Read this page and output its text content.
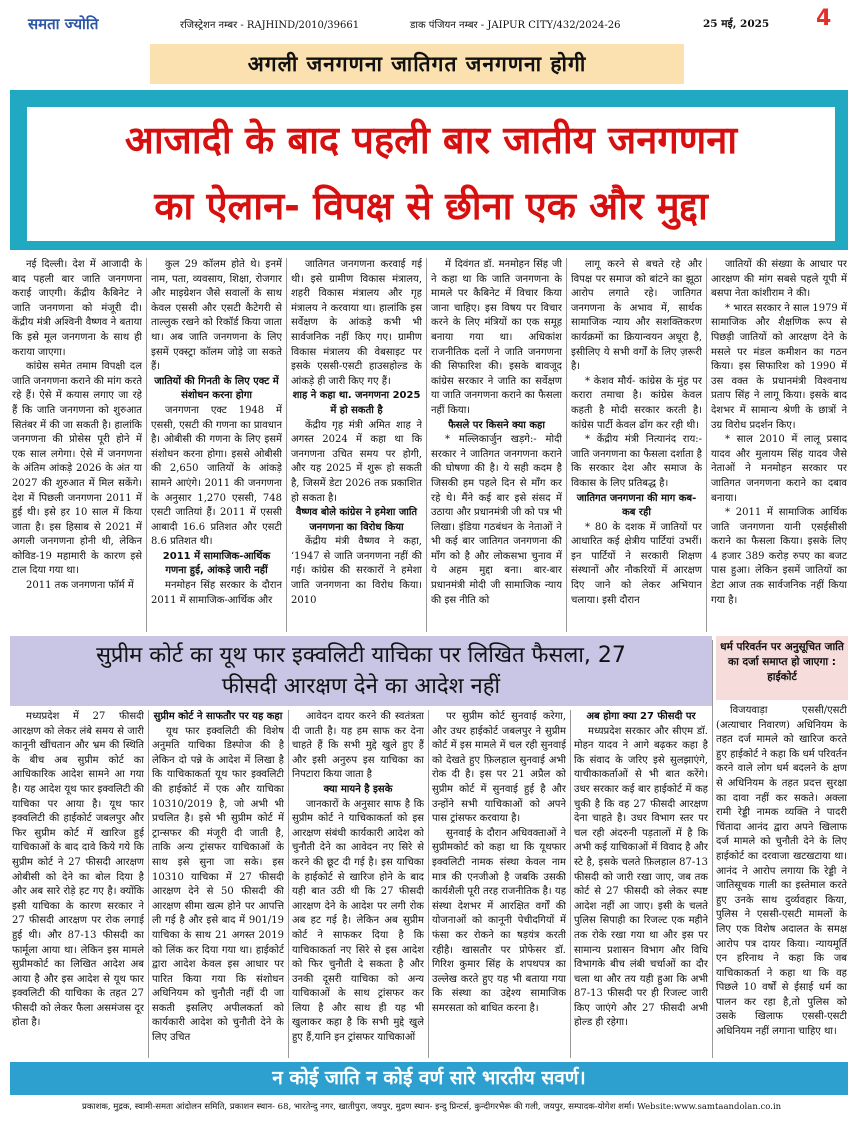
समता ज्योति	रजिस्ट्रेशन नम्बर - RAJHIND/2010/39661	डाक पंजियन नम्बर - JAIPUR CITY/432/2024-26	25 मई, 2025 4
अगली जनगणना जातिगत जनगणना होगी
आजादी के बाद पहली बार जातीय जनगणना
का ऐलान- विपक्ष से छीना एक और मुद्दा

नई दिल्ली। देश में आजादी के बाद पहली बार जाति जनगणना कराई जाएगी। केंद्रीय कैबिनेट ने जाति जनगणना को मंजूरी दी। केंद्रीय मंत्री अश्विनी वैष्णव ने बताया कि इसे मूल जनगणना के साथ ही कराया जाएगा।

कांग्रेस समेत तमाम विपक्षी दल जाति जनगणना कराने की मांग करते रहे हैं। ऐसे में कयास लगाए जा रहे हैं कि जाति जनगणना को शुरुआत सितंबर में की जा सकती है। हालांकि जनगणना की प्रोसेस पूरी होने में एक साल लगेगा। ऐसे में जनगणना के अंतिम आंकड़े 2026 के अंत या 2027 की शुरुआत में मिल सकेंगे। देश में पिछली जनगणना 2011 में हुई थी। इसे हर 10 साल में किया जाता है। इस हिसाब से 2021 में अगली जनगणना होनी थी, लेकिन कोविड-19 महामारी के कारण इसे टाल दिया गया था।

2011 तक जनगणना फॉर्म में

कुल 29 कॉलम होते थे। इनमें नाम, पता, व्यवसाय, शिक्षा, रोजगार और माइग्रेशन जैसे सवालों के साथ केवल एससी और एसटी कैटेगरी से ताल्लुक रखने को रिकॉर्ड किया जाता था। अब जाति जनगणना के लिए इसमें एक्स्ट्रा कॉलम जोड़े जा सकते हैं।

जातियों की गिनती के लिए एक्ट में संशोधन करना होगा

जनगणना एक्ट 1948 में एससी, एसटी की गणना का प्रावधान है। ओबीसी की गणना के लिए इसमें संशोधन करना होगा। इससे ओबीसी की 2,650 जातियों के आंकड़े सामने आएंगे। 2011 की जनगणना के अनुसार 1,270 एससी, 748 एसटी जातियां हैं। 2011 में एससी आबादी 16.6 प्रतिशत और एसटी 8.6 प्रतिशत थी।

2011 में सामाजिक-आर्थिक गणना हुई, आंकड़े जारी नहीं

मनमोहन सिंह सरकार के दौरान 2011 में सामाजिक-आर्थिक और

जातिगत जनगणना करवाई गई थी। इसे ग्रामीण विकास मंत्रालय, शहरी विकास मंत्रालय और गृह मंत्रालय ने करवाया था। हालांकि इस सर्वेक्षण के आंकड़े कभी भी सार्वजनिक नहीं किए गए। ग्रामीण विकास मंत्रालय की वेबसाइट पर इसके एससी-एसटी हाउसहोल्ड के आंकड़े ही जारी किए गए हैं।

शाह ने कहा था. जनगणना 2025 में हो सकती है

केंद्रीय गृह मंत्री अमित शाह ने अगस्त 2024 में कहा था कि जनगणना उचित समय पर होगी, और यह 2025 में शुरू हो सकती है, जिसमें डेटा 2026 तक प्रकाशित हो सकता है।

वैष्णव बोले कांग्रेस ने हमेशा जाति जनगणना का विरोध किया

केंद्रीय मंत्री वैष्णव ने कहा, ‘1947 से जाति जनगणना नहीं की गई। कांग्रेस की सरकारों ने हमेशा जाति जनगणना का विरोध किया। 2010

में दिवंगत डॉ. मनमोहन सिंह जी ने कहा था कि जाति जनगणना के मामले पर कैबिनेट में विचार किया जाना चाहिए। इस विषय पर विचार करने के लिए मंत्रियों का एक समूह बनाया गया था। अधिकांश राजनीतिक दलों ने जाति जनगणना की सिफारिश की। इसके बावजूद कांग्रेस सरकार ने जाति का सर्वेक्षण या जाति जनगणना कराने का फैसला नहीं किया।

फैसले पर किसने क्या कहा

* मल्लिकार्जुन खड़गे:- मोदी सरकार ने जातिगत जनगणना कराने की घोषणा की है। ये सही कदम है जिसकी हम पहले दिन से माँग कर रहे थे। मैंने कई बार इसे संसद में उठाया और प्रधानमंत्री जी को पत्र भी लिखा। इंडिया गठबंधन के नेताओं ने भी कई बार जातिगत जनगणना की माँग को है और लोकसभा चुनाव में ये अहम मुद्दा बना। बार-बार प्रधानमंत्री मोदी जी सामाजिक न्याय की इस नीति को

लागू करने से बचते रहे और विपक्ष पर समाज को बांटने का झूठा आरोप लगाते रहे। जातिगत जनगणना के अभाव में, सार्थक सामाजिक न्याय और सशक्तिकरण कार्यक्रमों का क्रियान्वयन अधूरा है, इसीलिए ये सभी वर्गों के लिए ज़रूरी है।

* केशव मौर्य- कांग्रेस के मुंह पर करारा तमाचा है। कांग्रेस केवल कहती है मोदी सरकार करती है। कांग्रेस पार्टी केवल ढोंग कर रही थी।

* केंद्रीय मंत्री नित्यानंद राय:- जाति जनगणना का फैसला दर्शाता है कि सरकार देश और समाज के विकास के लिए प्रतिबद्ध है।

जातिगत जनगणना की माग कब-कब रही

* 80 के दशक में जातियों पर आधारित कई क्षेत्रीय पार्टियां उभरीं। इन पार्टियों ने सरकारी शिक्षण संस्थानों और नौकरियों में आरक्षण दिए जाने को लेकर अभियान चलाया। इसी दौरान

जातियों की संख्या के आधार पर आरक्षण की मांग सबसे पहले यूपी में बसपा नेता कांशीराम ने की।

* भारत सरकार ने साल 1979 में सामाजिक और शैक्षणिक रूप से पिछड़ी जातियों को आरक्षण देने के मसले पर मंडल कमीशन का गठन किया। इस सिफारिश को 1990 में उस वक्त के प्रधानमंत्री विश्वनाथ प्रताप सिंह ने लागू किया। इसके बाद देशभर में सामान्य श्रेणी के छात्रों ने उग्र विरोध प्रदर्शन किए।

* साल 2010 में लालू प्रसाद यादव और मुलायम सिंह यादव जैसे नेताओं ने मनमोहन सरकार पर जातिगत जनगणना कराने का दबाव बनाया।

* 2011 में सामाजिक आर्थिक जाति जनगणना यानी एसईसीसी कराने का फैसला किया। इसके लिए 4 हजार 389 करोड़ रुपए का बजट पास हुआ। लेकिन इसमें जातियों का डेटा आज तक सार्वजनिक नहीं किया गया है।

सुप्रीम कोर्ट का यूथ फार इक्वलिटी याचिका पर लिखित फैसला, 27
फीसदी आरक्षण देने का आदेश नहीं
धर्म परिवर्तन पर अनुसूचित जाति का दर्जा समाप्त हो जाएगा : हाईकोर्ट

मध्यप्रदेश में 27 फीसदी आरक्षण को लेकर लंबे समय से जारी कानूनी खींचतान और भ्रम की स्थिति के बीच अब सुप्रीम कोर्ट का आधिकारिक आदेश सामने आ गया है। यह आदेश यूथ फार इक्वलिटी की याचिका पर आया है। यूथ फार इक्वलिटी की हाईकोर्ट जबलपुर और फिर सुप्रीम कोर्ट में खारिज हुई याचिकाओं के बाद दावे किये गये कि सुप्रीम कोर्ट ने 27 फीसदी आरक्षण ओबीसी को देने का बोल दिया है और अब सारे रोड़े हट गए है। क्योंकि इसी याचिका के कारण सरकार ने 27 फीसदी आरक्षण पर रोक लगाई हुई थी। और 87-13 फीसदी का फार्मूला आया था। लेकिन इस मामले सुप्रीमकोर्ट का लिखित आदेश अब आया है और इस आदेश से यूथ फार इक्वलिटी की याचिका के तहत 27 फीसदी को लेकर फैला असमंजस दूर होता है।

सुप्रीम कोर्ट ने साफतौर पर यह कहा

यूथ फार इक्वलिटी की विशेष अनुमति याचिका डिस्पोज की है लेकिन दो पन्ने के आदेश में लिखा है कि याचिकाकर्ता यूथ फार इक्वलिटी की हाईकोर्ट में एक और याचिका 10310/2019 है, जो अभी भी प्रचलित है। इसे भी सुप्रीम कोर्ट में ट्रान्सफर की मंजूरी दी जाती है, ताकि अन्य ट्रांसफर याचिकाओं के साथ इसे सुना जा सके। इस 10310 याचिका में 27 फीसदी आरक्षण देने से 50 फीसदी की आरक्षण सीमा खत्म होने पर आपत्ति ली गई है और इसे बाद में 901/19 याचिका के साथ 21 अगस्त 2019 को लिंक कर दिया गया था। हाईकोर्ट द्वारा आदेश केवल इस आधार पर पारित किया गया कि संशोधन अधिनियम को चुनौती नहीं दी जा सकती इसलिए अपीलकर्ता को कार्यकारी आदेश को चुनौती देने के लिए उचित

आवेदन दायर करने की स्वतंत्रता दी जाती है। यह हम साफ कर देना चाहते हैं कि सभी मुद्दे खुले हुए हैं और इसी अनुरुप इस याचिका का निपटारा किया जाता है

क्या मायने है इसके

जानकारों के अनुसार साफ है कि सुप्रीम कोर्ट ने याचिकाकर्ता को इस आरक्षण संबंधी कार्यकारी आदेश को चुनौती देने का आवेदन नए सिरे से करने की छूट दी गई है। इस याचिका के हाईकोर्ट से खारिज होने के बाद यही बात उठी थी कि 27 फीसदी आरक्षण देने के आदेश पर लगी रोक अब हट गई है। लेकिन अब सुप्रीम कोर्ट ने साफकर दिया है कि याचिकाकर्ता नए सिरे से इस आदेश को फिर चुनौती दे सकता है और उनकी दूसरी याचिका को अन्य याचिकाओं के साथ ट्रांसफर कर लिया है और साथ ही यह भी खुलाकर कहा है कि सभी मुद्दे खुले हुए हैं,यानि इन ट्रांसफर याचिकाओं

पर सुप्रीम कोर्ट सुनवाई करेगा, और उधर हाईकोर्ट जबलपुर ने सुप्रीम कोर्ट में इस मामले में चल रही सुनवाई को देखते हुए फ़िलहाल सुनवाई अभी रोक दी है। इस पर 21 अप्रैल को सुप्रीम कोर्ट में सुनवाई हुई है और उन्होंने सभी याचिकाओं को अपने पास ट्रांसफर करवाया है।

सुनवाई के दौरान अधिवक्ताओं ने सुप्रीमकोर्ट को कहा था कि यूथफार इक्वलिटी नामक संस्था केवल नाम मात्र की एनजीओ है जबकि उसकी कार्यशैली पूरी तरह राजनीतिक है। यह संस्था देशभर में आरक्षित वर्गों की योजनाओं को कानूनी पेचीदगियों में फंसा कर रोकने का षड़यंत्र करती रहीहै। खासतौर पर प्रोफेसर डॉ. गिरिश कुमार सिंह के शपथपत्र का उल्लेख करते हुए यह भी बताया गया कि संस्था का उद्देश्य सामाजिक समरसता को बाधित करना है।

अब होगा क्या 27 फीसदी पर

मध्यप्रदेश सरकार और सीएम डॉ. मोहन यादव ने आगे बढ़कर कहा है कि संवाद के जरिए इसे सुलझाएंगे, याचीकाकर्ताओं से भी बात करेंगे। उधर सरकार कई बार हाईकोर्ट में कह चुकी है कि वह 27 फीसदी आरक्षण देना चाहते है। उधर विभाग स्तर पर चल रही अंदरुनी पड़तालों में है कि अभी कई याचिकाओं में विवाद है और स्टे है, इसके चलते फ़िलहाल 87-13 फीसदी को जारी रखा जाए, जब तक कोर्ट से 27 फीसदी को लेकर स्पष्ट आदेश नहीं आ जाए। इसी के चलते पुलिस सिपाही का रिजल्ट एक महीने तक रोके रखा गया था और इस पर सामान्य प्रशासन विभाग और विधि विभागके बीच लंबी चर्चाओं का दौर चला था और तय यही हुआ कि अभी 87-13 फीसदी पर ही रिजल्ट जारी किए जाएंगे और 27 फीसदी अभी होल्ड ही रहेगा।

विजयवाड़ा एससी/एसटी (अत्याचार निवारण) अधिनियम के तहत दर्ज मामले को खारिज करते हुए हाईकोर्ट ने कहा कि धर्म परिवर्तन करने वाले लोग धर्म बदलने के क्षण से अधिनियम के तहत प्रदत्त सुरक्षा का दावा नहीं कर सकते। अक्ला रामी रेड्डी नामक व्यक्ति ने पादरी चिंतादा आनंद द्वारा अपने खिलाफ दर्ज मामले को चुनौती देने के लिए हाईकोर्ट का दरवाजा खटखटाया था। आनंद ने आरोप लगाया कि रेड्डी ने जातिसूचक गाली का इस्तेमाल करते हुए उनके साथ दुर्व्यवहार किया, पुलिस ने एससी-एसटी मामलों के लिए एक विशेष अदालत के समक्ष आरोप पत्र दायर किया। न्यायमूर्ति एन हरिनाथ ने कहा कि जब याचिकाकर्ता ने कहा था कि वह पिछले 10 वर्षों से ईसाई धर्म का पालन कर रहा है,तो पुलिस को उसके खिलाफ एससी-एसटी अधिनियम नहीं लगाना चाहिए था।

न कोई जाति न कोई वर्ण सारे भारतीय सवर्ण।
प्रकाशक, मुद्रक, स्वामी-समता आंदोलन समिति, प्रकाशन स्थान- 68, भारतेन्दु नगर, खातीपुरा, जयपुर, मुद्रण स्थान- इन्दु प्रिन्टर्स, कुन्दीगरभैरू की गली, जयपुर, सम्पादक-योगेश शर्मा। Website:www.samtaandolan.co.in
